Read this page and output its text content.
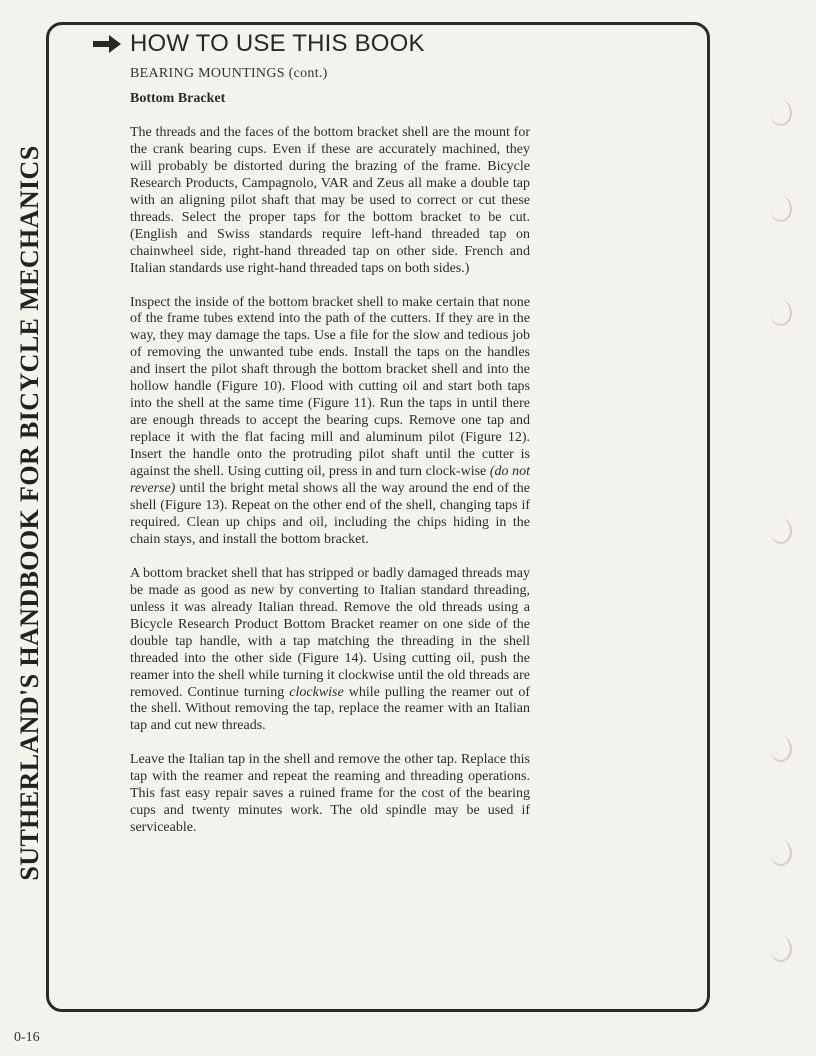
SUTHERLAND'S HANDBOOK FOR BICYCLE MECHANICS
HOW TO USE THIS BOOK
BEARING MOUNTINGS (cont.)

Bottom Bracket

The threads and the faces of the bottom bracket shell are the mount for the crank bearing cups. Even if these are accurately machined, they will probably be distorted during the brazing of the frame. Bicycle Research Products, Campagnolo, VAR and Zeus all make a double tap with an aligning pilot shaft that may be used to correct or cut these threads. Select the proper taps for the bottom bracket to be cut. (English and Swiss standards require left-hand threaded tap on chainwheel side, right-hand threaded tap on other side. French and Italian standards use right-hand threaded taps on both sides.)

Inspect the inside of the bottom bracket shell to make certain that none of the frame tubes extend into the path of the cutters. If they are in the way, they may damage the taps. Use a file for the slow and tedious job of removing the unwanted tube ends. Install the taps on the handles and insert the pilot shaft through the bottom bracket shell and into the hollow handle (Figure 10). Flood with cutting oil and start both taps into the shell at the same time (Figure 11). Run the taps in until there are enough threads to accept the bearing cups. Remove one tap and replace it with the flat facing mill and aluminum pilot (Figure 12). Insert the handle onto the protruding pilot shaft until the cutter is against the shell. Using cutting oil, press in and turn clock-wise (do not reverse) until the bright metal shows all the way around the end of the shell (Figure 13). Repeat on the other end of the shell, changing taps if required. Clean up chips and oil, including the chips hiding in the chain stays, and install the bottom bracket.

A bottom bracket shell that has stripped or badly damaged threads may be made as good as new by converting to Italian standard threading, unless it was already Italian thread. Remove the old threads using a Bicycle Research Product Bottom Bracket reamer on one side of the double tap handle, with a tap matching the threading in the shell threaded into the other side (Figure 14). Using cutting oil, push the reamer into the shell while turning it clockwise until the old threads are removed. Continue turning clockwise while pulling the reamer out of the shell. Without removing the tap, replace the reamer with an Italian tap and cut new threads.

Leave the Italian tap in the shell and remove the other tap. Replace this tap with the reamer and repeat the reaming and threading operations. This fast easy repair saves a ruined frame for the cost of the bearing cups and twenty minutes work. The old spindle may be used if serviceable.

0-16
